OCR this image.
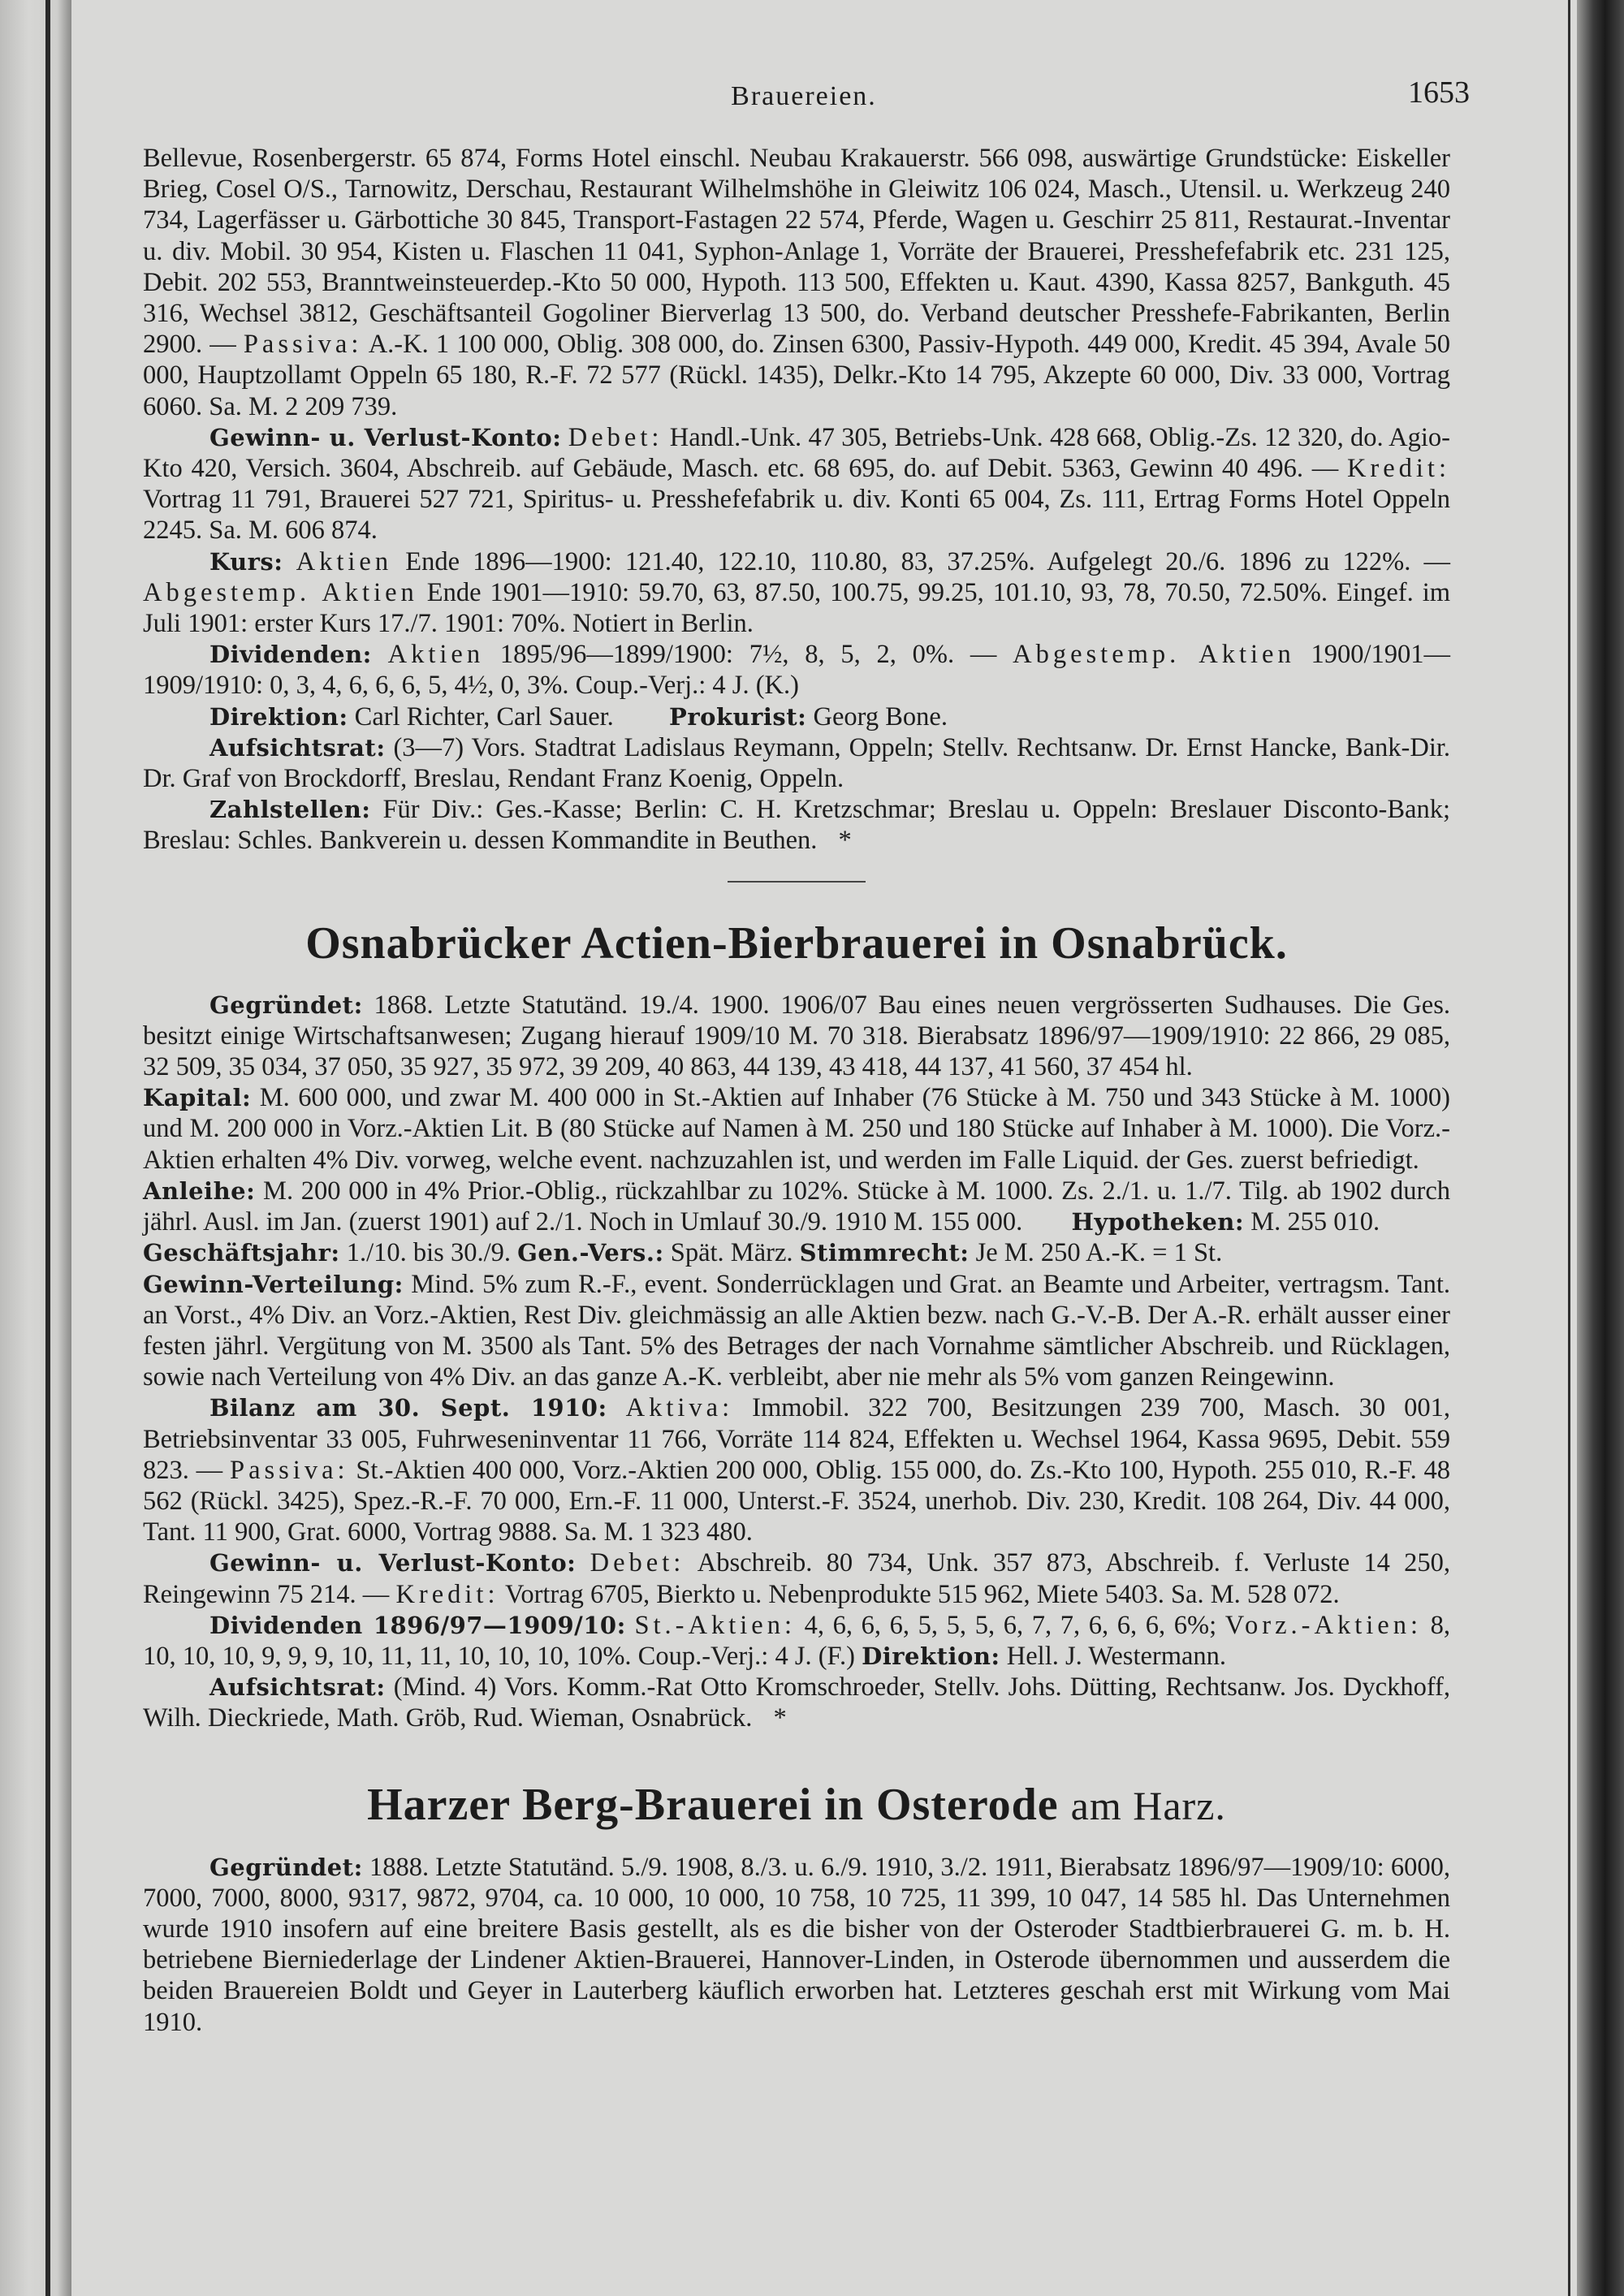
Brauereien.	1653

Bellevue, Rosenbergerstr. 65 874, Forms Hotel einschl. Neubau Krakauerstr. 566 098, auswärtige Grundstücke: Eiskeller Brieg, Cosel O/S., Tarnowitz, Derschau, Restaurant Wilhelmshöhe in Gleiwitz 106 024, Masch., Utensil. u. Werkzeug 240 734, Lagerfässer u. Gärbottiche 30 845, Transport-Fastagen 22 574, Pferde, Wagen u. Geschirr 25 811, Restaurat.-Inventar u. div. Mobil. 30 954, Kisten u. Flaschen 11 041, Syphon-Anlage 1, Vorräte der Brauerei, Presshefefabrik etc. 231 125, Debit. 202 553, Branntweinsteuerdep.-Kto 50 000, Hypoth. 113 500, Effekten u. Kaut. 4390, Kassa 8257, Bankguth. 45 316, Wechsel 3812, Geschäftsanteil Gogoliner Bierverlag 13 500, do. Verband deutscher Presshefe-Fabrikanten, Berlin 2900. — Passiva: A.-K. 1 100 000, Oblig. 308 000, do. Zinsen 6300, Passiv-Hypoth. 449 000, Kredit. 45 394, Avale 50 000, Hauptzollamt Oppeln 65 180, R.-F. 72 577 (Rückl. 1435), Delkr.-Kto 14 795, Akzepte 60 000, Div. 33 000, Vortrag 6060. Sa. M. 2 209 739.

Gewinn- u. Verlust-Konto: Debet: Handl.-Unk. 47 305, Betriebs-Unk. 428 668, Oblig.-Zs. 12 320, do. Agio-Kto 420, Versich. 3604, Abschreib. auf Gebäude, Masch. etc. 68 695, do. auf Debit. 5363, Gewinn 40 496. — Kredit: Vortrag 11 791, Brauerei 527 721, Spiritus- u. Presshefefabrik u. div. Konti 65 004, Zs. 111, Ertrag Forms Hotel Oppeln 2245. Sa. M. 606 874.

Kurs: Aktien Ende 1896—1900: 121.40, 122.10, 110.80, 83, 37.25%. Aufgelegt 20./6. 1896 zu 122%. — Abgestemp. Aktien Ende 1901—1910: 59.70, 63, 87.50, 100.75, 99.25, 101.10, 93, 78, 70.50, 72.50%. Eingef. im Juli 1901: erster Kurs 17./7. 1901: 70%. Notiert in Berlin.

Dividenden: Aktien 1895/96—1899/1900: 7½, 8, 5, 2, 0%. — Abgestemp. Aktien 1900/1901—1909/1910: 0, 3, 4, 6, 6, 6, 5, 4½, 0, 3%. Coup.-Verj.: 4 J. (K.)

Direktion: Carl Richter, Carl Sauer. Prokurist: Georg Bone.

Aufsichtsrat: (3—7) Vors. Stadtrat Ladislaus Reymann, Oppeln; Stellv. Rechtsanw. Dr. Ernst Hancke, Bank-Dir. Dr. Graf von Brockdorff, Breslau, Rendant Franz Koenig, Oppeln.

Zahlstellen: Für Div.: Ges.-Kasse; Berlin: C. H. Kretzschmar; Breslau u. Oppeln: Breslauer Disconto-Bank; Breslau: Schles. Bankverein u. dessen Kommandite in Beuthen. *

Osnabrücker Actien-Bierbrauerei in Osnabrück.

Gegründet: 1868. Letzte Statutänd. 19./4. 1900. 1906/07 Bau eines neuen vergrösserten Sudhauses. Die Ges. besitzt einige Wirtschaftsanwesen; Zugang hierauf 1909/10 M. 70 318. Bierabsatz 1896/97—1909/1910: 22 866, 29 085, 32 509, 35 034, 37 050, 35 927, 35 972, 39 209, 40 863, 44 139, 43 418, 44 137, 41 560, 37 454 hl.

Kapital: M. 600 000, und zwar M. 400 000 in St.-Aktien auf Inhaber (76 Stücke à M. 750 und 343 Stücke à M. 1000) und M. 200 000 in Vorz.-Aktien Lit. B (80 Stücke auf Namen à M. 250 und 180 Stücke auf Inhaber à M. 1000). Die Vorz.-Aktien erhalten 4% Div. vorweg, welche event. nachzuzahlen ist, und werden im Falle Liquid. der Ges. zuerst befriedigt.

Anleihe: M. 200 000 in 4% Prior.-Oblig., rückzahlbar zu 102%. Stücke à M. 1000. Zs. 2./1. u. 1./7. Tilg. ab 1902 durch jährl. Ausl. im Jan. (zuerst 1901) auf 2./1. Noch in Umlauf 30./9. 1910 M. 155 000. Hypotheken: M. 255 010.

Geschäftsjahr: 1./10. bis 30./9. Gen.-Vers.: Spät. März. Stimmrecht: Je M. 250 A.-K. = 1 St.

Gewinn-Verteilung: Mind. 5% zum R.-F., event. Sonderrücklagen und Grat. an Beamte und Arbeiter, vertragsm. Tant. an Vorst., 4% Div. an Vorz.-Aktien, Rest Div. gleichmässig an alle Aktien bezw. nach G.-V.-B. Der A.-R. erhält ausser einer festen jährl. Vergütung von M. 3500 als Tant. 5% des Betrages der nach Vornahme sämtlicher Abschreib. und Rücklagen, sowie nach Verteilung von 4% Div. an das ganze A.-K. verbleibt, aber nie mehr als 5% vom ganzen Reingewinn.

Bilanz am 30. Sept. 1910: Aktiva: Immobil. 322 700, Besitzungen 239 700, Masch. 30 001, Betriebsinventar 33 005, Fuhrweseninventar 11 766, Vorräte 114 824, Effekten u. Wechsel 1964, Kassa 9695, Debit. 559 823. — Passiva: St.-Aktien 400 000, Vorz.-Aktien 200 000, Oblig. 155 000, do. Zs.-Kto 100, Hypoth. 255 010, R.-F. 48 562 (Rückl. 3425), Spez.-R.-F. 70 000, Ern.-F. 11 000, Unterst.-F. 3524, unerhob. Div. 230, Kredit. 108 264, Div. 44 000, Tant. 11 900, Grat. 6000, Vortrag 9888. Sa. M. 1 323 480.

Gewinn- u. Verlust-Konto: Debet: Abschreib. 80 734, Unk. 357 873, Abschreib. f. Verluste 14 250, Reingewinn 75 214. — Kredit: Vortrag 6705, Bierkto u. Nebenprodukte 515 962, Miete 5403. Sa. M. 528 072.

Dividenden 1896/97—1909/10: St.-Aktien: 4, 6, 6, 6, 5, 5, 5, 6, 7, 7, 6, 6, 6, 6%; Vorz.-Aktien: 8, 10, 10, 10, 9, 9, 9, 10, 11, 11, 10, 10, 10, 10%. Coup.-Verj.: 4 J. (F.) Direktion: Hell. J. Westermann.

Aufsichtsrat: (Mind. 4) Vors. Komm.-Rat Otto Kromschroeder, Stellv. Johs. Dütting, Rechtsanw. Jos. Dyckhoff, Wilh. Dieckriede, Math. Gröb, Rud. Wieman, Osnabrück. *

Harzer Berg-Brauerei in Osterode am Harz.

Gegründet: 1888. Letzte Statutänd. 5./9. 1908, 8./3. u. 6./9. 1910, 3./2. 1911, Bierabsatz 1896/97—1909/10: 6000, 7000, 7000, 8000, 9317, 9872, 9704, ca. 10 000, 10 000, 10 758, 10 725, 11 399, 10 047, 14 585 hl. Das Unternehmen wurde 1910 insofern auf eine breitere Basis gestellt, als es die bisher von der Osteroder Stadtbierbrauerei G. m. b. H. betriebene Bierniederlage der Lindener Aktien-Brauerei, Hannover-Linden, in Osterode übernommen und ausserdem die beiden Brauereien Boldt und Geyer in Lauterberg käuflich erworben hat. Letzteres geschah erst mit Wirkung vom Mai 1910.
